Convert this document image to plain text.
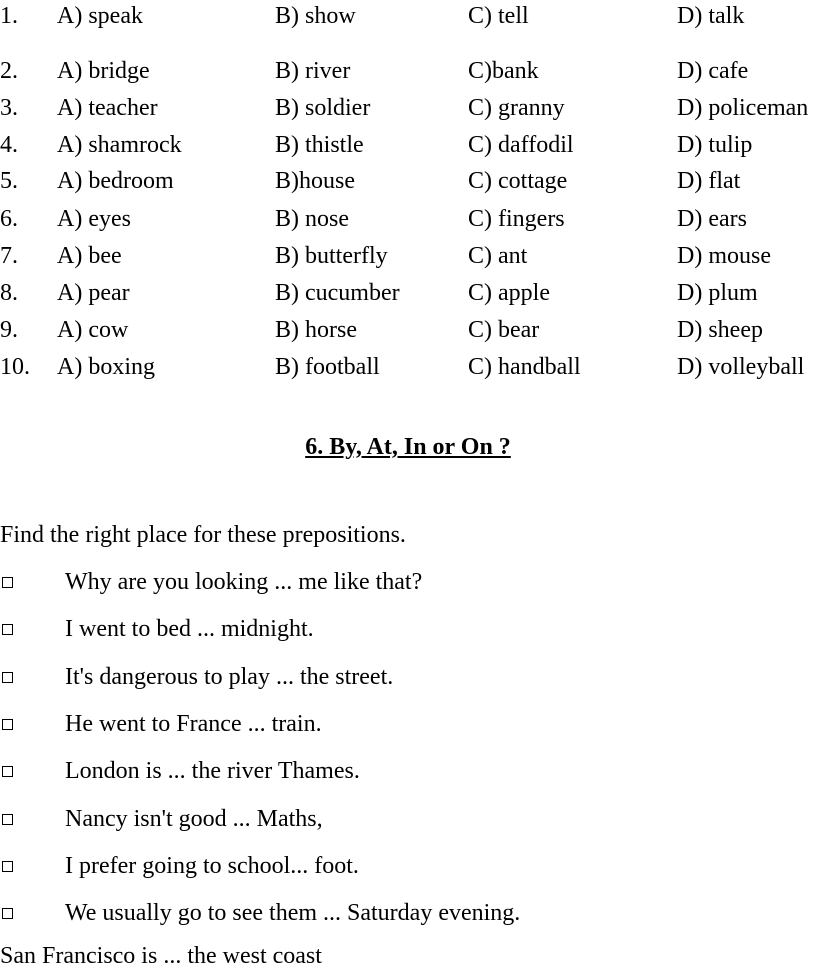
1. A) speak	B) show	C) tell	D) talk
2. A) bridge	B) river	C)bank	D) cafe
3. A) teacher	B) soldier	C) granny	D) policeman
4. A) shamrock	B) thistle	C) daffodil	D) tulip
5. A) bedroom	B)house	C) cottage	D) flat
6. A) eyes	B) nose	C) fingers	D) ears
7. A) bee	B) butterfly	C) ant	D) mouse
8. A) pear	B) cucumber	C) apple	D) plum
9. A) cow	B) horse	C) bear	D) sheep
10. A) boxing	B) football	C) handball	D) volleyball
6. By, At, In or On ?
Find the right place for these prepositions.
Why are you looking ... me like that?
I went to bed ... midnight.
It's dangerous to play ... the street.
He went to France ... train.
London is ... the river Thames.
Nancy isn't good ... Maths,
I prefer going to school... foot.
We usually go to see them ... Saturday evening.
San Francisco is ... the west coast
